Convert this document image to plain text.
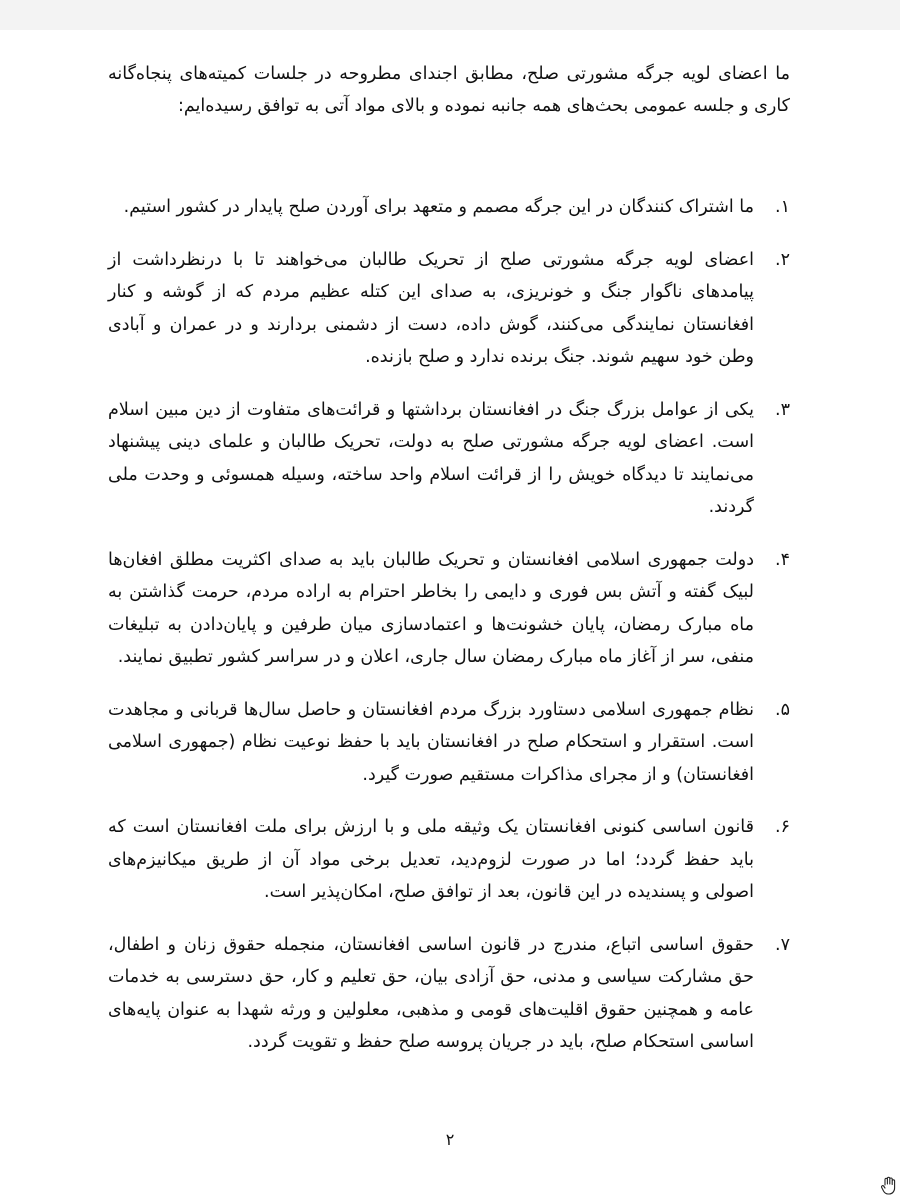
ما اعضای لویه جرگه مشورتی صلح، مطابق اجندای مطروحه در جلسات کمیته‌های پنجاه‌گانه کاری و جلسه عمومی بحث‌های همه جانبه نموده و بالای مواد آتی به توافق رسیده‌ایم:

۱.
ما اشتراک کنندگان در این جرگه مصمم و متعهد برای آوردن صلح پایدار در کشور استیم.
۲.
اعضای لویه جرگه مشورتی صلح از تحریک طالبان می‌خواهند تا با درنظرداشت از پیامدهای ناگوار جنگ و خونریزی، به صدای این کتله عظیم مردم که از گوشه و کنار افغانستان نمایندگی می‌کنند، گوش داده، دست از دشمنی بردارند و در عمران و آبادی وطن خود سهیم شوند. جنگ برنده ندارد و صلح بازنده.
۳.
یکی از عوامل بزرگ جنگ در افغانستان برداشتها و قرائت‌های متفاوت از دین مبین اسلام است. اعضای لویه جرگه مشورتی صلح به دولت، تحریک طالبان و علمای دینی پیشنهاد می‌نمایند تا دیدگاه خویش را از قرائت اسلام واحد ساخته، وسیله همسوئی و وحدت ملی گردند.
۴.
دولت جمهوری اسلامی افغانستان و تحریک طالبان باید به صدای اکثریت مطلق افغان‌ها لبیک گفته و آتش بس فوری و دایمی را بخاطر احترام به اراده مردم، حرمت گذاشتن به ماه مبارک رمضان، پایان خشونت‌ها و اعتمادسازی میان طرفین و پایان‌دادن به تبلیغات منفی، سر از آغاز ماه مبارک رمضان سال جاری، اعلان و در سراسر کشور تطبیق نمایند.
۵.
نظام جمهوری اسلامی دستاورد بزرگ مردم افغانستان و حاصل سال‌ها قربانی و مجاهدت است. استقرار و استحکام صلح در افغانستان باید با حفظ نوعیت نظام (جمهوری اسلامی افغانستان) و از مجرای مذاکرات مستقیم صورت گیرد.
۶.
قانون اساسی کنونی افغانستان یک وثیقه ملی و با ارزش برای ملت افغانستان است که باید حفظ گردد؛ اما در صورت لزوم‌دید، تعدیل برخی مواد آن از طریق میکانیزم‌های اصولی و پسندیده در این قانون، بعد از توافق صلح، امکان‌پذیر است.
۷.
حقوق اساسی اتباع، مندرج در قانون اساسی افغانستان، منجمله حقوق زنان و اطفال، حق مشارکت سیاسی و مدنی، حق آزادی بیان، حق تعلیم و کار، حق دسترسی به خدمات عامه و همچنین حقوق اقلیت‌های قومی و مذهبی، معلولین و ورثه شهدا به عنوان پایه‌های اساسی استحکام صلح، باید در جریان پروسه صلح حفظ و تقویت گردد.
۲
